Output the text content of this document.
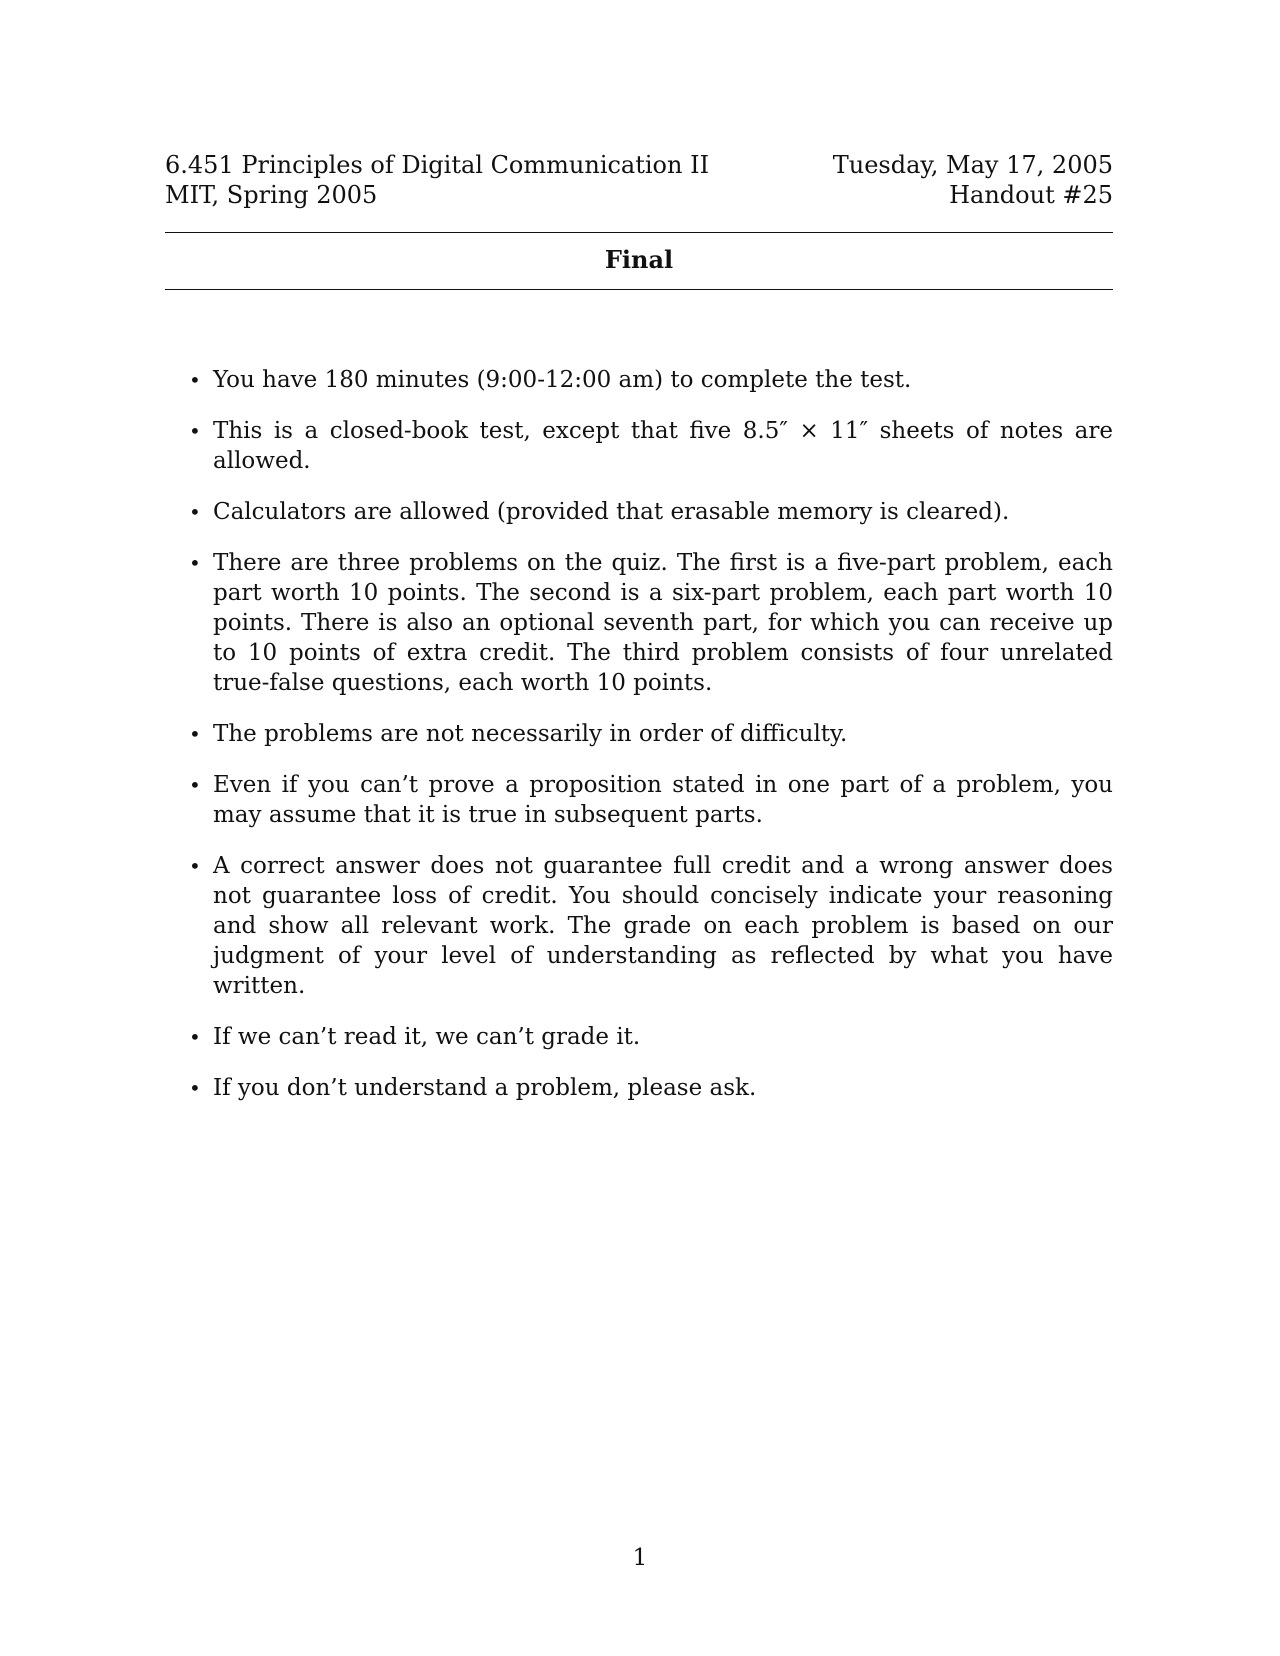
6.451 Principles of Digital Communication II
MIT, Spring 2005
Tuesday, May 17, 2005
Handout #25
Final
• You have 180 minutes (9:00-12:00 am) to complete the test.
• This is a closed-book test, except that five 8.5″ × 11″ sheets of notes are allowed.
• Calculators are allowed (provided that erasable memory is cleared).
• There are three problems on the quiz. The first is a five-part problem, each part worth 10 points. The second is a six-part problem, each part worth 10 points. There is also an optional seventh part, for which you can receive up to 10 points of extra credit. The third problem consists of four unrelated true-false questions, each worth 10 points.
• The problems are not necessarily in order of difficulty.
• Even if you can’t prove a proposition stated in one part of a problem, you may assume that it is true in subsequent parts.
• A correct answer does not guarantee full credit and a wrong answer does not guarantee loss of credit. You should concisely indicate your reasoning and show all relevant work. The grade on each problem is based on our judgment of your level of understanding as reflected by what you have written.
• If we can’t read it, we can’t grade it.
• If you don’t understand a problem, please ask.
1
